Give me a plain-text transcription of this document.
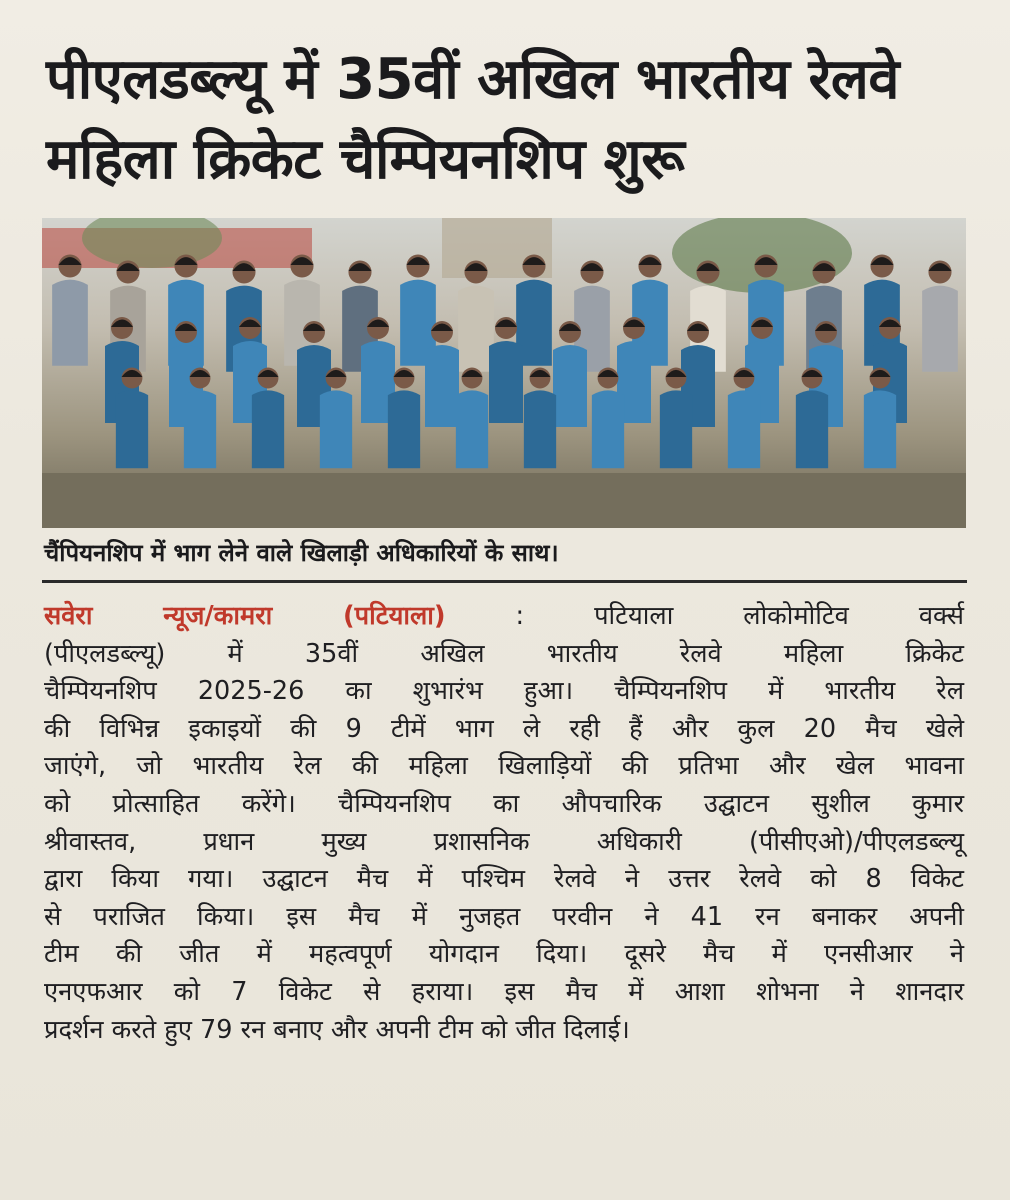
पीएलडब्ल्यू में 35वीं अखिल भारतीय रेलवे
महिला क्रिकेट चैम्पियनशिप शुरू

चैंपियनशिप में भाग लेने वाले खिलाड़ी अधिकारियों के साथ।

सवेरा न्यूज/कामरा (पटियाला)	:	पटियाला लोकोमोटिव वर्क्स
(पीएलडब्ल्यू) में 35वीं अखिल भारतीय रेलवे महिला क्रिकेट
चैम्पियनशिप 2025-26 का शुभारंभ हुआ। चैम्पियनशिप में भारतीय रेल
की विभिन्न इकाइयों की 9 टीमें भाग ले रही हैं और कुल 20 मैच खेले
जाएंगे, जो भारतीय रेल की महिला खिलाड़ियों की प्रतिभा और खेल भावना
को प्रोत्साहित करेंगे। चैम्पियनशिप का औपचारिक उद्घाटन सुशील कुमार
श्रीवास्तव, प्रधान मुख्य प्रशासनिक अधिकारी (पीसीएओ)/पीएलडब्ल्यू
द्वारा किया गया। उद्घाटन मैच में पश्चिम रेलवे ने उत्तर रेलवे को 8 विकेट
से पराजित किया। इस मैच में नुजहत परवीन ने 41 रन बनाकर अपनी
टीम की जीत में महत्वपूर्ण योगदान दिया। दूसरे मैच में एनसीआर ने
एनएफआर को 7 विकेट से हराया। इस मैच में आशा शोभना ने शानदार
प्रदर्शन करते हुए 79 रन बनाए और अपनी टीम को जीत दिलाई।
